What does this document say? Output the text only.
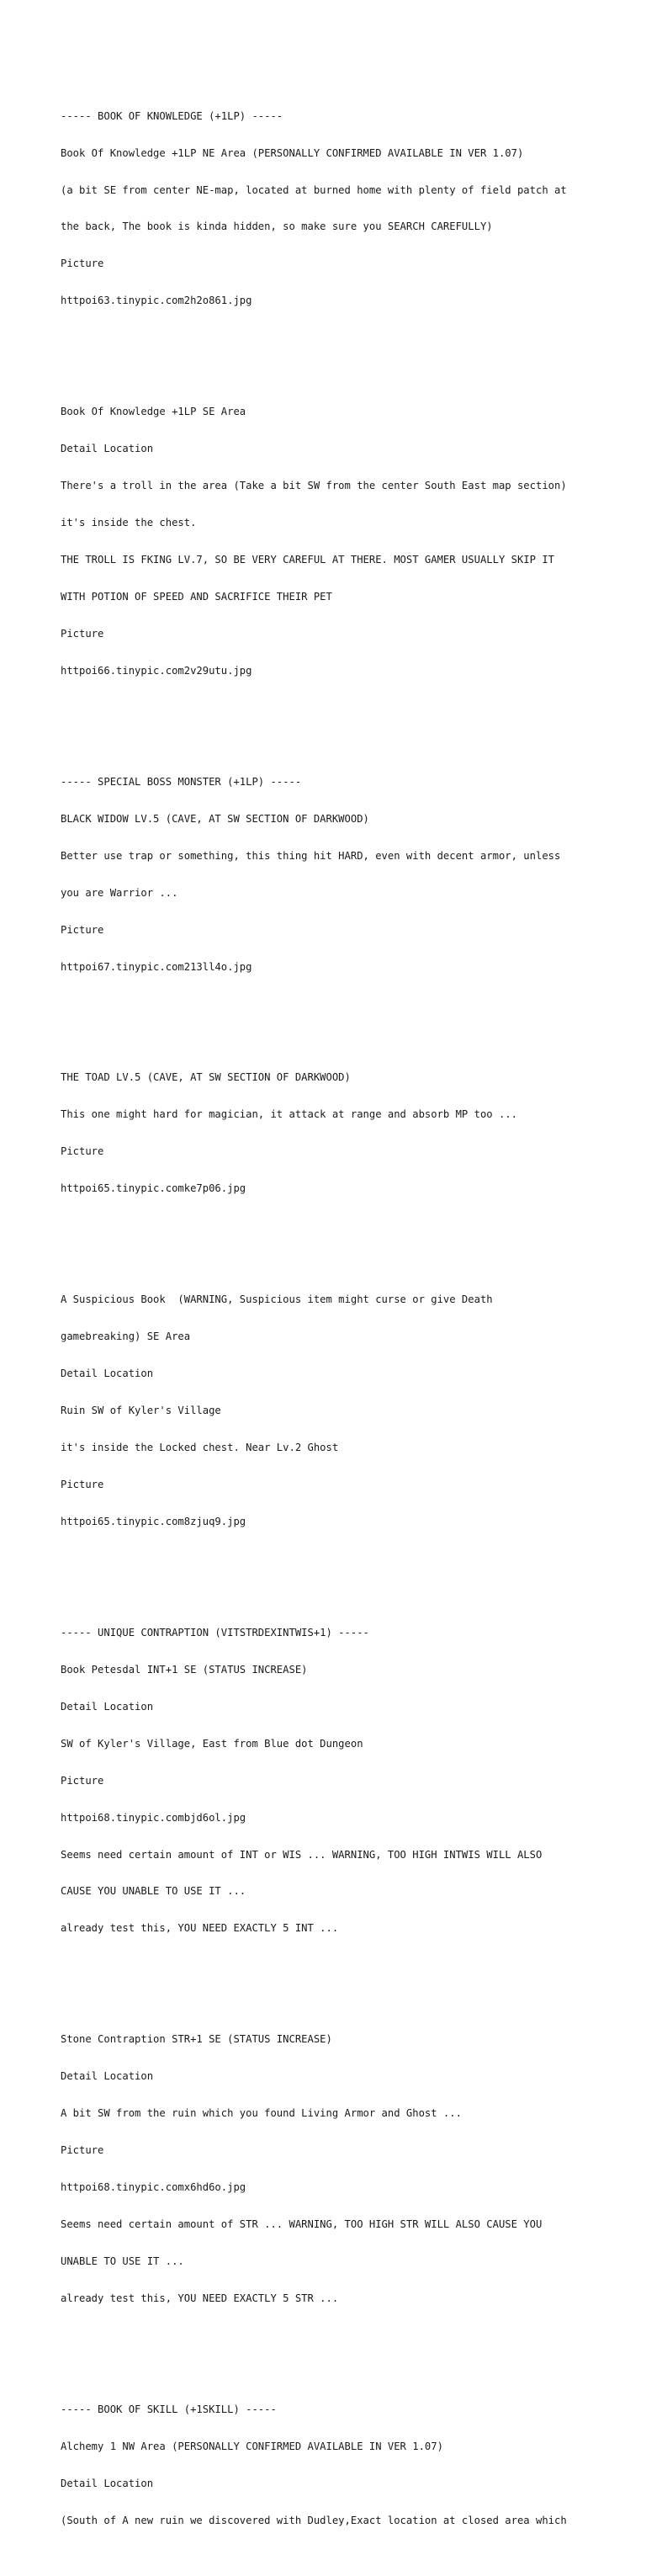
----- BOOK OF KNOWLEDGE (+1LP) -----

Book Of Knowledge +1LP NE Area (PERSONALLY CONFIRMED AVAILABLE IN VER 1.07)

(a bit SE from center NE-map, located at burned home with plenty of field patch at

the back, The book is kinda hidden, so make sure you SEARCH CAREFULLY)

Picture

httpoi63.tinypic.com2h2o861.jpg

Book Of Knowledge +1LP SE Area

Detail Location

There's a troll in the area (Take a bit SW from the center South East map section)

it's inside the chest.

THE TROLL IS FKING LV.7, SO BE VERY CAREFUL AT THERE. MOST GAMER USUALLY SKIP IT

WITH POTION OF SPEED AND SACRIFICE THEIR PET

Picture

httpoi66.tinypic.com2v29utu.jpg

----- SPECIAL BOSS MONSTER (+1LP) -----

BLACK WIDOW LV.5 (CAVE, AT SW SECTION OF DARKWOOD)

Better use trap or something, this thing hit HARD, even with decent armor, unless

you are Warrior ...

Picture

httpoi67.tinypic.com213ll4o.jpg

THE TOAD LV.5 (CAVE, AT SW SECTION OF DARKWOOD)

This one might hard for magician, it attack at range and absorb MP too ...

Picture

httpoi65.tinypic.comke7p06.jpg

A Suspicious Book  (WARNING, Suspicious item might curse or give Death

gamebreaking) SE Area

Detail Location

Ruin SW of Kyler's Village

it's inside the Locked chest. Near Lv.2 Ghost

Picture

httpoi65.tinypic.com8zjuq9.jpg

----- UNIQUE CONTRAPTION (VITSTRDEXINTWIS+1) -----

Book Petesdal INT+1 SE (STATUS INCREASE)

Detail Location

SW of Kyler's Village, East from Blue dot Dungeon

Picture

httpoi68.tinypic.combjd6ol.jpg

Seems need certain amount of INT or WIS ... WARNING, TOO HIGH INTWIS WILL ALSO

CAUSE YOU UNABLE TO USE IT ...

already test this, YOU NEED EXACTLY 5 INT ...

Stone Contraption STR+1 SE (STATUS INCREASE)

Detail Location

A bit SW from the ruin which you found Living Armor and Ghost ...

Picture

httpoi68.tinypic.comx6hd6o.jpg

Seems need certain amount of STR ... WARNING, TOO HIGH STR WILL ALSO CAUSE YOU

UNABLE TO USE IT ...

already test this, YOU NEED EXACTLY 5 STR ...

----- BOOK OF SKILL (+1SKILL) -----

Alchemy 1 NW Area (PERSONALLY CONFIRMED AVAILABLE IN VER 1.07)

Detail Location

(South of A new ruin we discovered with Dudley,Exact location at closed area which
